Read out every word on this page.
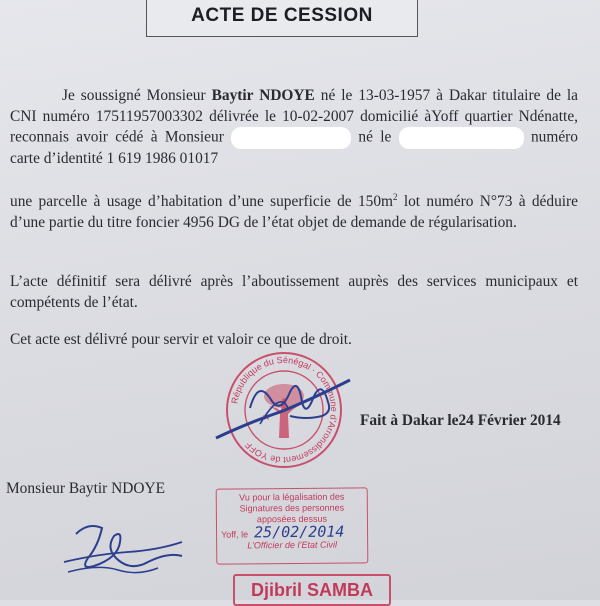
ACTE DE CESSION

Je soussigné Monsieur Baytir NDOYE né le 13-03-1957 à Dakar titulaire de la CNI numéro 17511957003302 délivrée le 10-02-2007 domicilié àYoff quartier Ndénatte, reconnais avoir cédé à Monsieur	né le	numéro carte d’identité 1 619 1986 01017

une parcelle à usage d’habitation d’une superficie de $150m^2$ lot numéro N°73 à déduire d’une partie du titre foncier 4956 DG de l’état objet de demande de régularisation.

L’acte définitif sera délivré après l’aboutissement auprès des services municipaux et compétents de l’état.

Cet acte est délivré pour servir et valoir ce que de droit.

République du Sénégal · Commune d’Arrondissement de YOFF
★	Fait à Dakar le24 Février 2014
Monsieur Baytir NDOYE
Vu pour la légalisation des
Signatures des personnes
apposées dessus
Yoff, le 25/02/2014
L’Officier de l’Etat Civil
Djibril SAMBA
